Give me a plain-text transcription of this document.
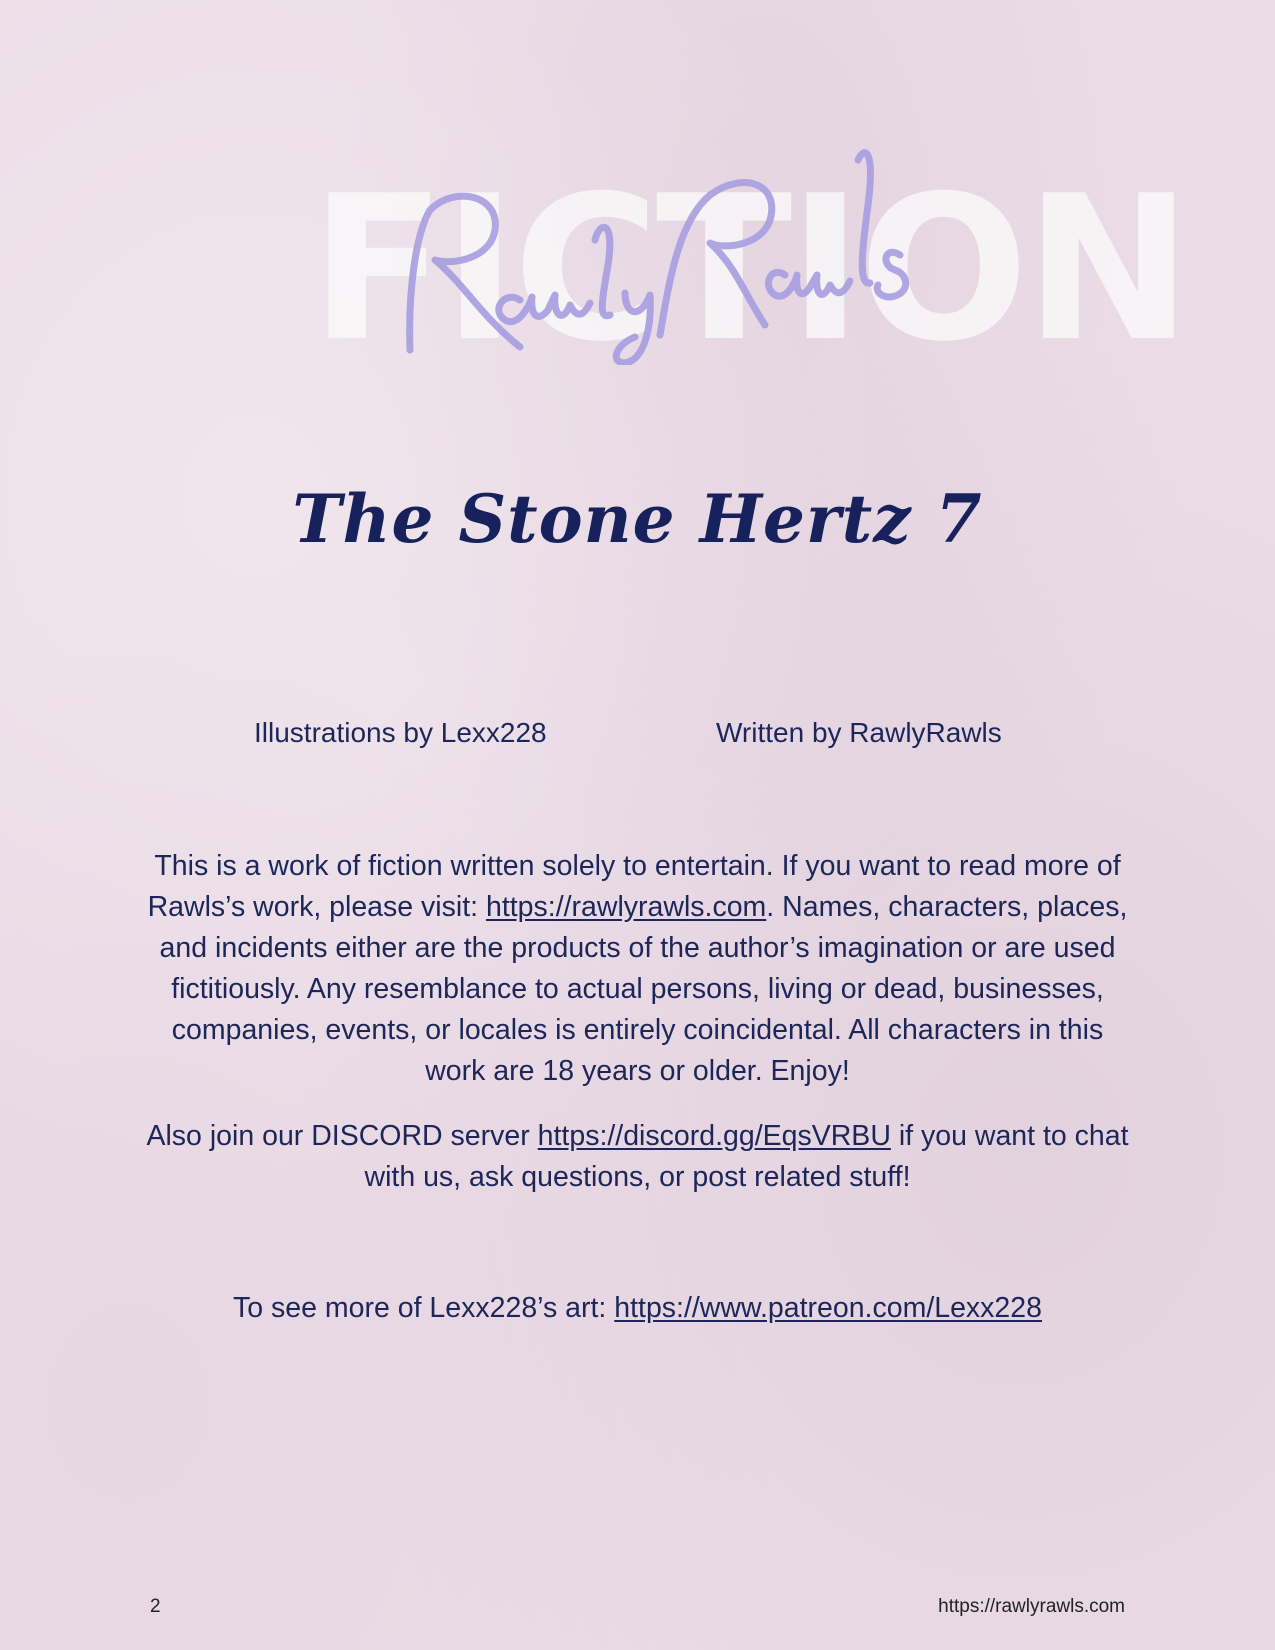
FICTION
The Stone Hertz 7
Illustrations by Lexx228	Written by RawlyRawls
This is a work of fiction written solely to entertain. If you want to read more of Rawls’s work, please visit: https://rawlyrawls.com. Names, characters, places, and incidents either are the products of the author’s imagination or are used fictitiously. Any resemblance to actual persons, living or dead, businesses, companies, events, or locales is entirely coincidental. All characters in this work are 18 years or older. Enjoy!
Also join our DISCORD server https://discord.gg/EqsVRBU if you want to chat with us, ask questions, or post related stuff!
To see more of Lexx228’s art: https://www.patreon.com/Lexx228
2	https://rawlyrawls.com
